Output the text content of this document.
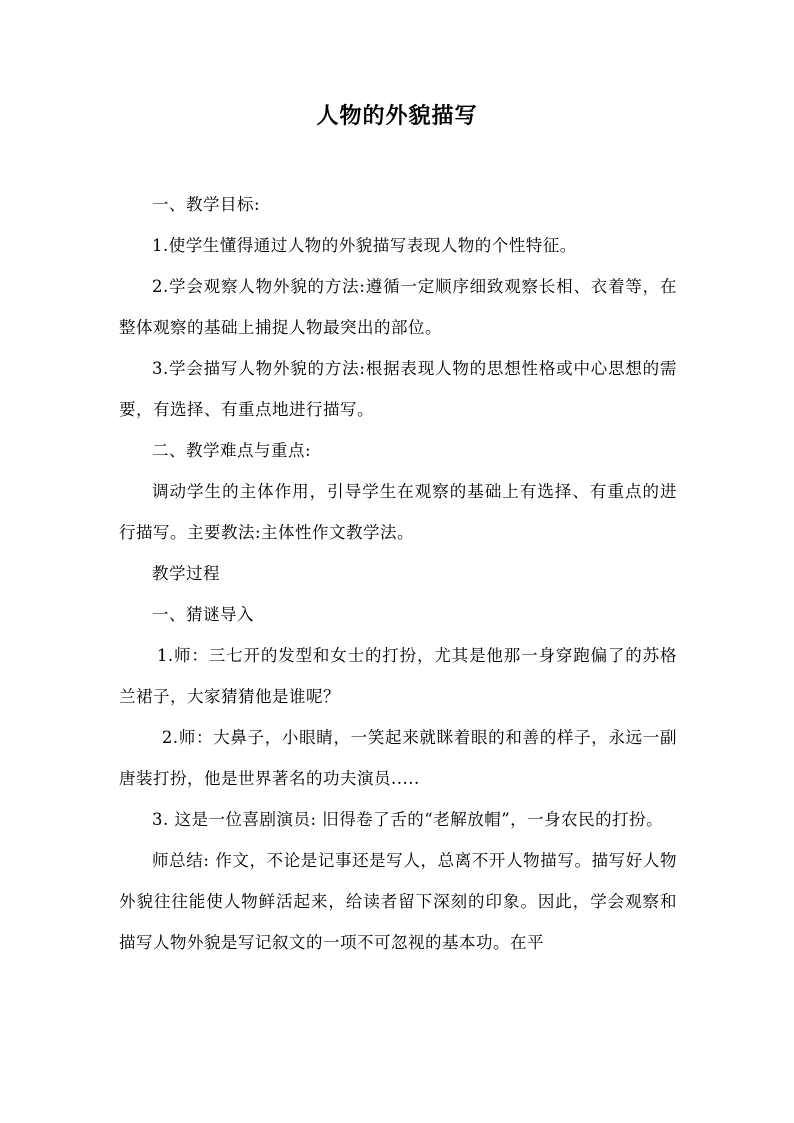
人物的外貌描写

一、教学目标:

1.使学生懂得通过人物的外貌描写表现人物的个性特征。

2.学会观察人物外貌的方法:遵循一定顺序细致观察长相、衣着等，在整体观察的基础上捕捉人物最突出的部位。

3.学会描写人物外貌的方法:根据表现人物的思想性格或中心思想的需要，有选择、有重点地进行描写。

二、教学难点与重点:

调动学生的主体作用，引导学生在观察的基础上有选择、有重点的进行描写。主要教法:主体性作文教学法。

教学过程

一、猜谜导入

1.师：三七开的发型和女士的打扮，尤其是他那一身穿跑偏了的苏格兰裙子，大家猜猜他是谁呢？

2.师：大鼻子，小眼睛，一笑起来就眯着眼的和善的样子，永远一副唐装打扮，他是世界著名的功夫演员.....

3. 这是一位喜剧演员: 旧得卷了舌的“老解放帽”，一身农民的打扮。

师总结: 作文，不论是记事还是写人，总离不开人物描写。描写好人物外貌往往能使人物鲜活起来，给读者留下深刻的印象。因此，学会观察和描写人物外貌是写记叙文的一项不可忽视的基本功。在平
